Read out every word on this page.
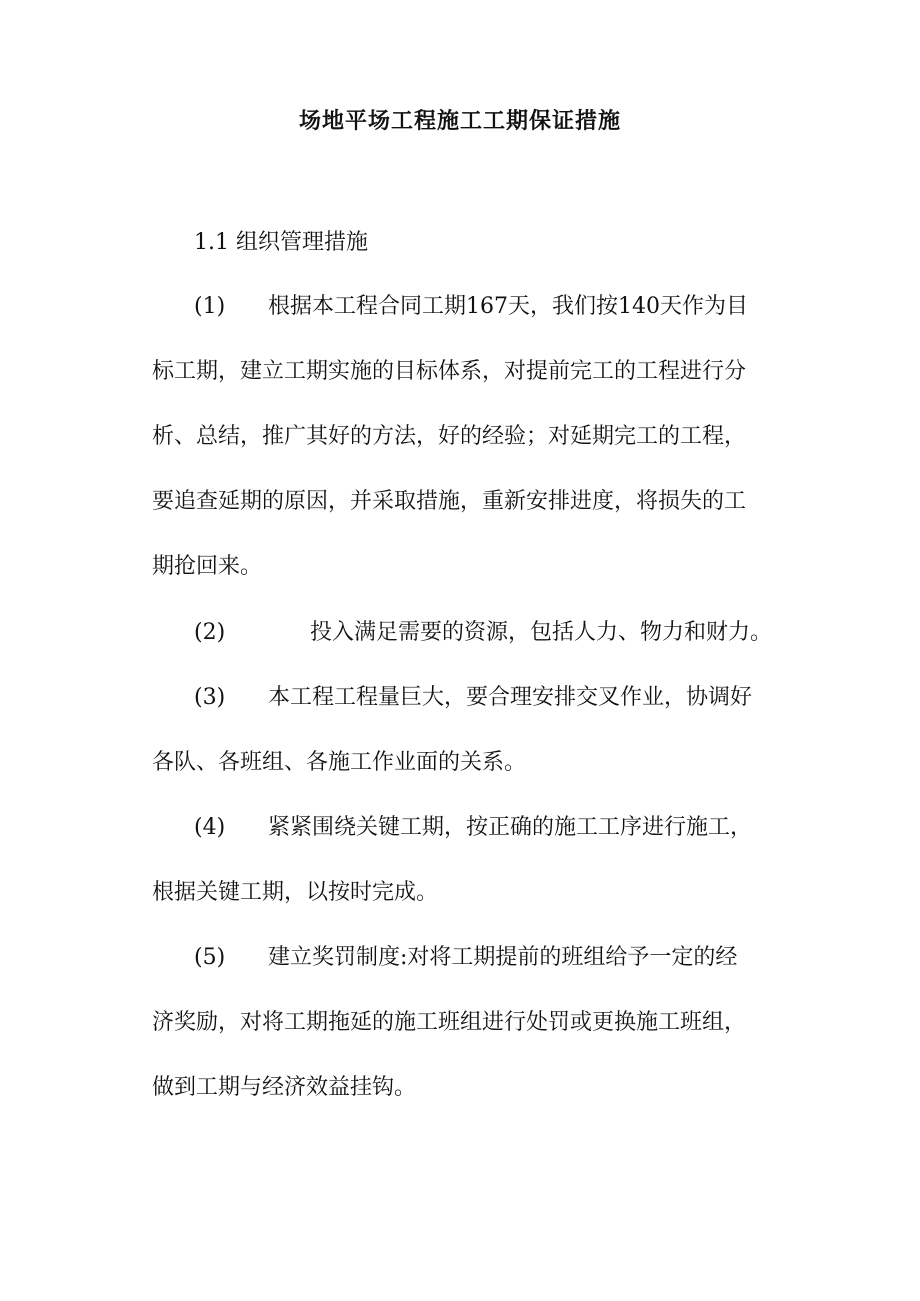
场地平场工程施工工期保证措施
1.1 组织管理措施
(1) 根据本工程合同工期167天，我们按140天作为目
标工期，建立工期实施的目标体系，对提前完工的工程进行分
析、总结，推广其好的方法，好的经验；对延期完工的工程，
要追查延期的原因，并采取措施，重新安排进度，将损失的工
期抢回来。
(2)	投入满足需要的资源，包括人力、物力和财力。
(3) 本工程工程量巨大，要合理安排交叉作业，协调好
各队、各班组、各施工作业面的关系。
(4) 紧紧围绕关键工期，按正确的施工工序进行施工，
根据关键工期，以按时完成。
(5) 建立奖罚制度:对将工期提前的班组给予一定的经
济奖励，对将工期拖延的施工班组进行处罚或更换施工班组，
做到工期与经济效益挂钩。
